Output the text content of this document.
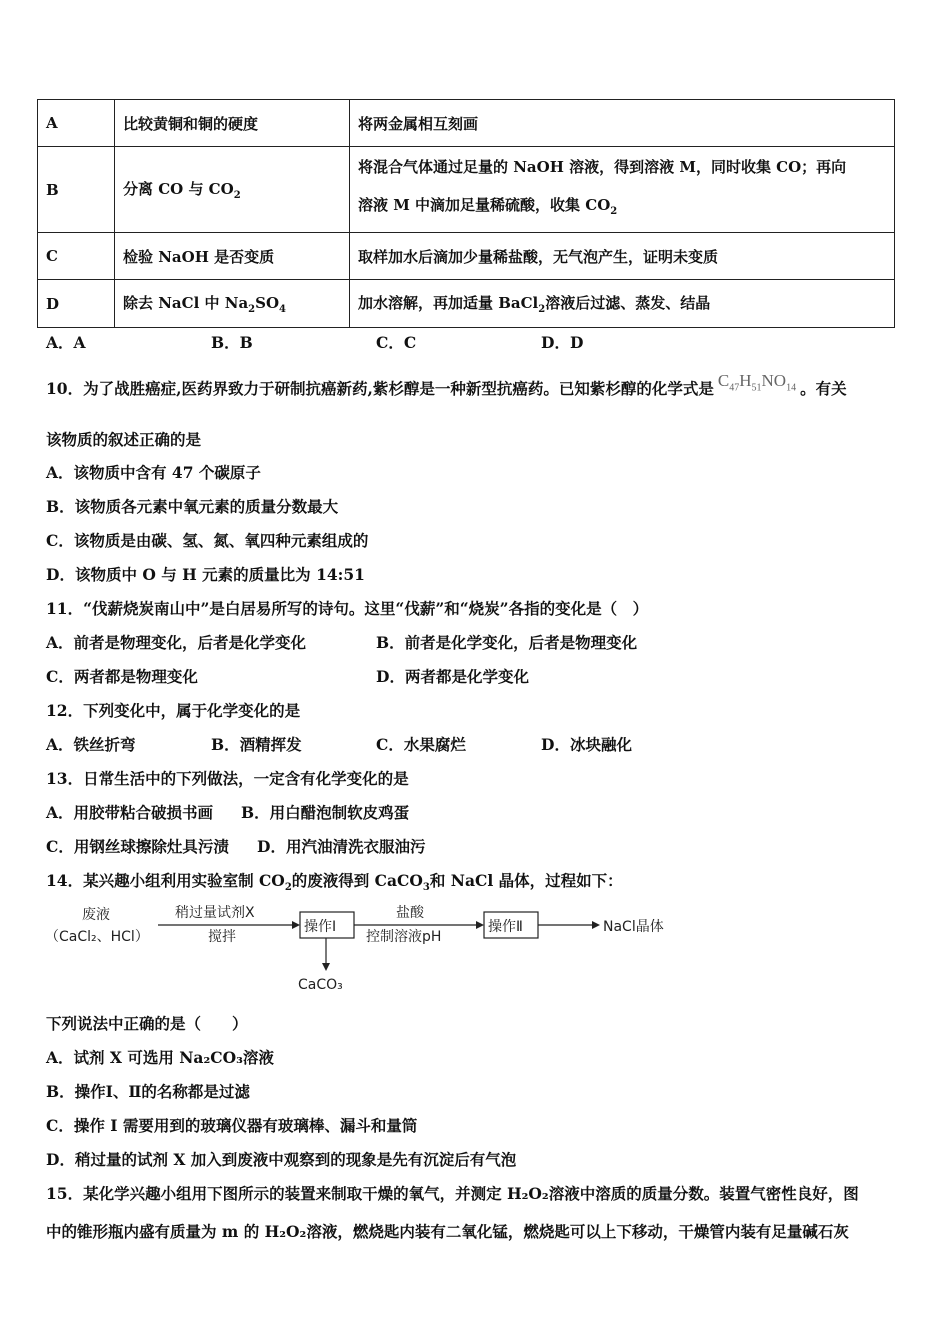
A	比较黄铜和铜的硬度	将两金属相互刻画
B	分离 CO 与 $CO_2$	将混合气体通过足量的 NaOH 溶液，得到溶液 M，同时收集 CO；再向
溶液 M 中滴加足量稀硫酸，收集 $CO_2$

C	检验 NaOH 是否变质	取样加水后滴加少量稀盐酸，无气泡产生，证明未变质
D	除去 NaCl 中 $Na_2SO_4$	加水溶解，再加适量 BaCl$_2$溶液后过滤、蒸发、结晶
A．A	B．B	C．C	D．D
10．为了战胜癌症,医药界致力于研制抗癌新药,紫杉醇是一种新型抗癌药。已知紫杉醇的化学式是 $C_{47}H_{51}NO_{14}$ 。有关
该物质的叙述正确的是
A．该物质中含有 47 个碳原子
B．该物质各元素中氧元素的质量分数最大
C．该物质是由碳、氢、氮、氧四种元素组成的
D．该物质中 O 与 H 元素的质量比为 14:51
11．“伐薪烧炭南山中”是白居易所写的诗句。这里“伐薪”和“烧炭”各指的变化是（　）
A．前者是物理变化，后者是化学变化	B．前者是化学变化，后者是物理变化
C．两者都是物理变化	D．两者都是化学变化
12．下列变化中，属于化学变化的是
A．铁丝折弯	B．酒精挥发	C．水果腐烂	D．冰块融化
13．日常生活中的下列做法，一定含有化学变化的是
A．用胶带粘合破损书画 B．用白醋泡制软皮鸡蛋
C．用钢丝球擦除灶具污渍 D．用汽油清洗衣服油污
14．某兴趣小组利用实验室制 $CO_2$的废液得到 CaCO$_3$和 NaCl 晶体，过程如下：
废液
（CaCl₂、HCl）
稍过量试剂X
搅拌
操作Ⅰ
CaCO₃
盐酸
控制溶液pH
操作Ⅱ	NaCl晶体
下列说法中正确的是（　　）
A．试剂 X 可选用 Na₂CO₃溶液
B．操作Ⅰ、Ⅱ的名称都是过滤
C．操作 I 需要用到的玻璃仪器有玻璃棒、漏斗和量筒
D．稍过量的试剂 X 加入到废液中观察到的现象是先有沉淀后有气泡
15．某化学兴趣小组用下图所示的装置来制取干燥的氧气，并测定 H₂O₂溶液中溶质的质量分数。装置气密性良好，图
中的锥形瓶内盛有质量为 m 的 H₂O₂溶液，燃烧匙内装有二氧化锰，燃烧匙可以上下移动，干燥管内装有足量碱石灰
